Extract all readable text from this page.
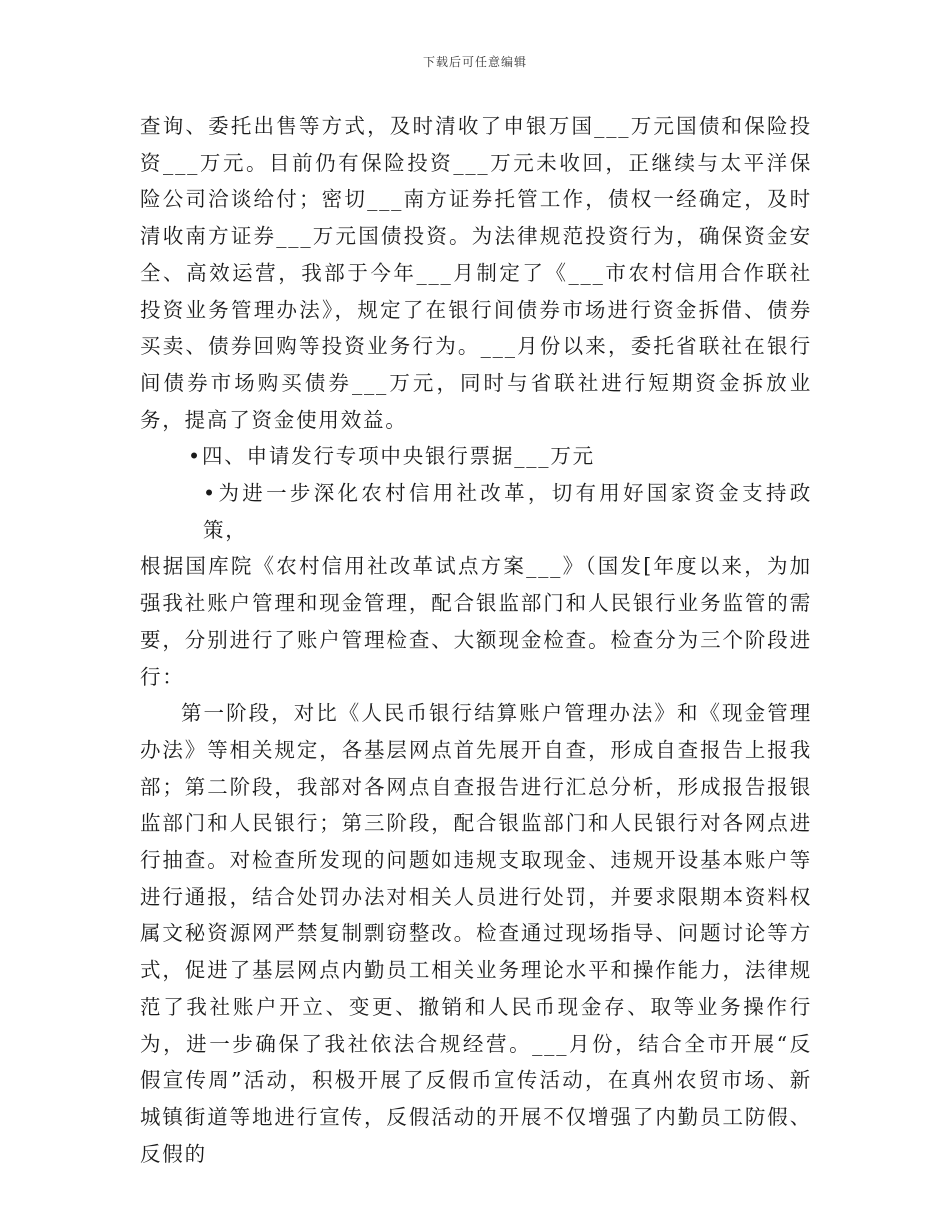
下载后可任意编辑

查询、委托出售等方式，及时清收了申银万国___万元国债和保险投资___万元。目前仍有保险投资___万元未收回，正继续与太平洋保险公司洽谈给付；密切___南方证券托管工作，债权一经确定，及时清收南方证券___万元国债投资。为法律规范投资行为，确保资金安全、高效运营，我部于今年___月制定了《___市农村信用合作联社投资业务管理办法》，规定了在银行间债券市场进行资金拆借、债券买卖、债券回购等投资业务行为。___月份以来，委托省联社在银行间债券市场购买债券___万元，同时与省联社进行短期资金拆放业务，提高了资金使用效益。

•四、申请发行专项中央银行票据___万元

•为进一步深化农村信用社改革，切有用好国家资金支持政策，

根据国库院《农村信用社改革试点方案___》（国发[年度以来，为加强我社账户管理和现金管理，配合银监部门和人民银行业务监管的需要，分别进行了账户管理检查、大额现金检查。检查分为三个阶段进行：

第一阶段，对比《人民币银行结算账户管理办法》和《现金管理办法》等相关规定，各基层网点首先展开自查，形成自查报告上报我部；第二阶段，我部对各网点自查报告进行汇总分析，形成报告报银监部门和人民银行；第三阶段，配合银监部门和人民银行对各网点进行抽查。对检查所发现的问题如违规支取现金、违规开设基本账户等进行通报，结合处罚办法对相关人员进行处罚，并要求限期本资料权属文秘资源网严禁复制剽窃整改。检查通过现场指导、问题讨论等方式，促进了基层网点内勤员工相关业务理论水平和操作能力，法律规范了我社账户开立、变更、撤销和人民币现金存、取等业务操作行为，进一步确保了我社依法合规经营。___月份，结合全市开展“反假宣传周”活动，积极开展了反假币宣传活动，在真州农贸市场、新城镇街道等地进行宣传，反假活动的开展不仅增强了内勤员工防假、反假的
